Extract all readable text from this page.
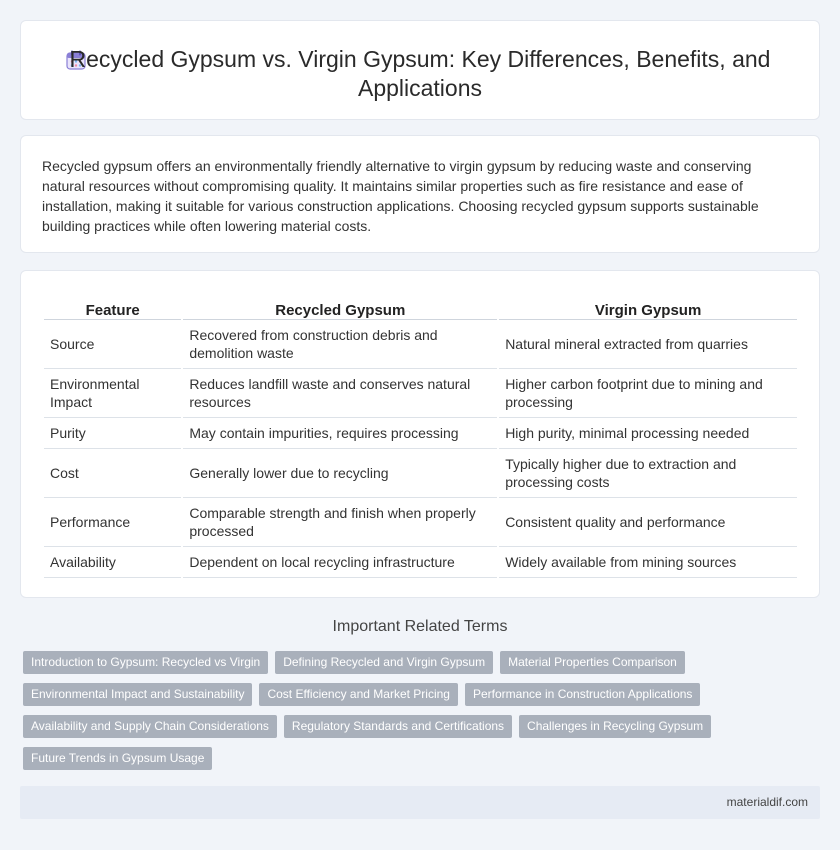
Recycled Gypsum vs. Virgin Gypsum: Key Differences, Benefits, and Applications

Recycled gypsum offers an environmentally friendly alternative to virgin gypsum by reducing waste and conserving natural resources without compromising quality. It maintains similar properties such as fire resistance and ease of installation, making it suitable for various construction applications. Choosing recycled gypsum supports sustainable building practices while often lowering material costs.

Feature	Recycled Gypsum	Virgin Gypsum
Source	Recovered from construction debris and demolition waste	Natural mineral extracted from quarries
Environmental Impact	Reduces landfill waste and conserves natural resources	Higher carbon footprint due to mining and processing
Purity	May contain impurities, requires processing	High purity, minimal processing needed
Cost	Generally lower due to recycling	Typically higher due to extraction and processing costs
Performance	Comparable strength and finish when properly processed	Consistent quality and performance
Availability	Dependent on local recycling infrastructure	Widely available from mining sources
Important Related Terms
Introduction to Gypsum: Recycled vs Virgin	Defining Recycled and Virgin Gypsum	Material Properties Comparison
Environmental Impact and Sustainability	Cost Efficiency and Market Pricing	Performance in Construction Applications
Availability and Supply Chain Considerations	Regulatory Standards and Certifications	Challenges in Recycling Gypsum
Future Trends in Gypsum Usage
materialdif.com
